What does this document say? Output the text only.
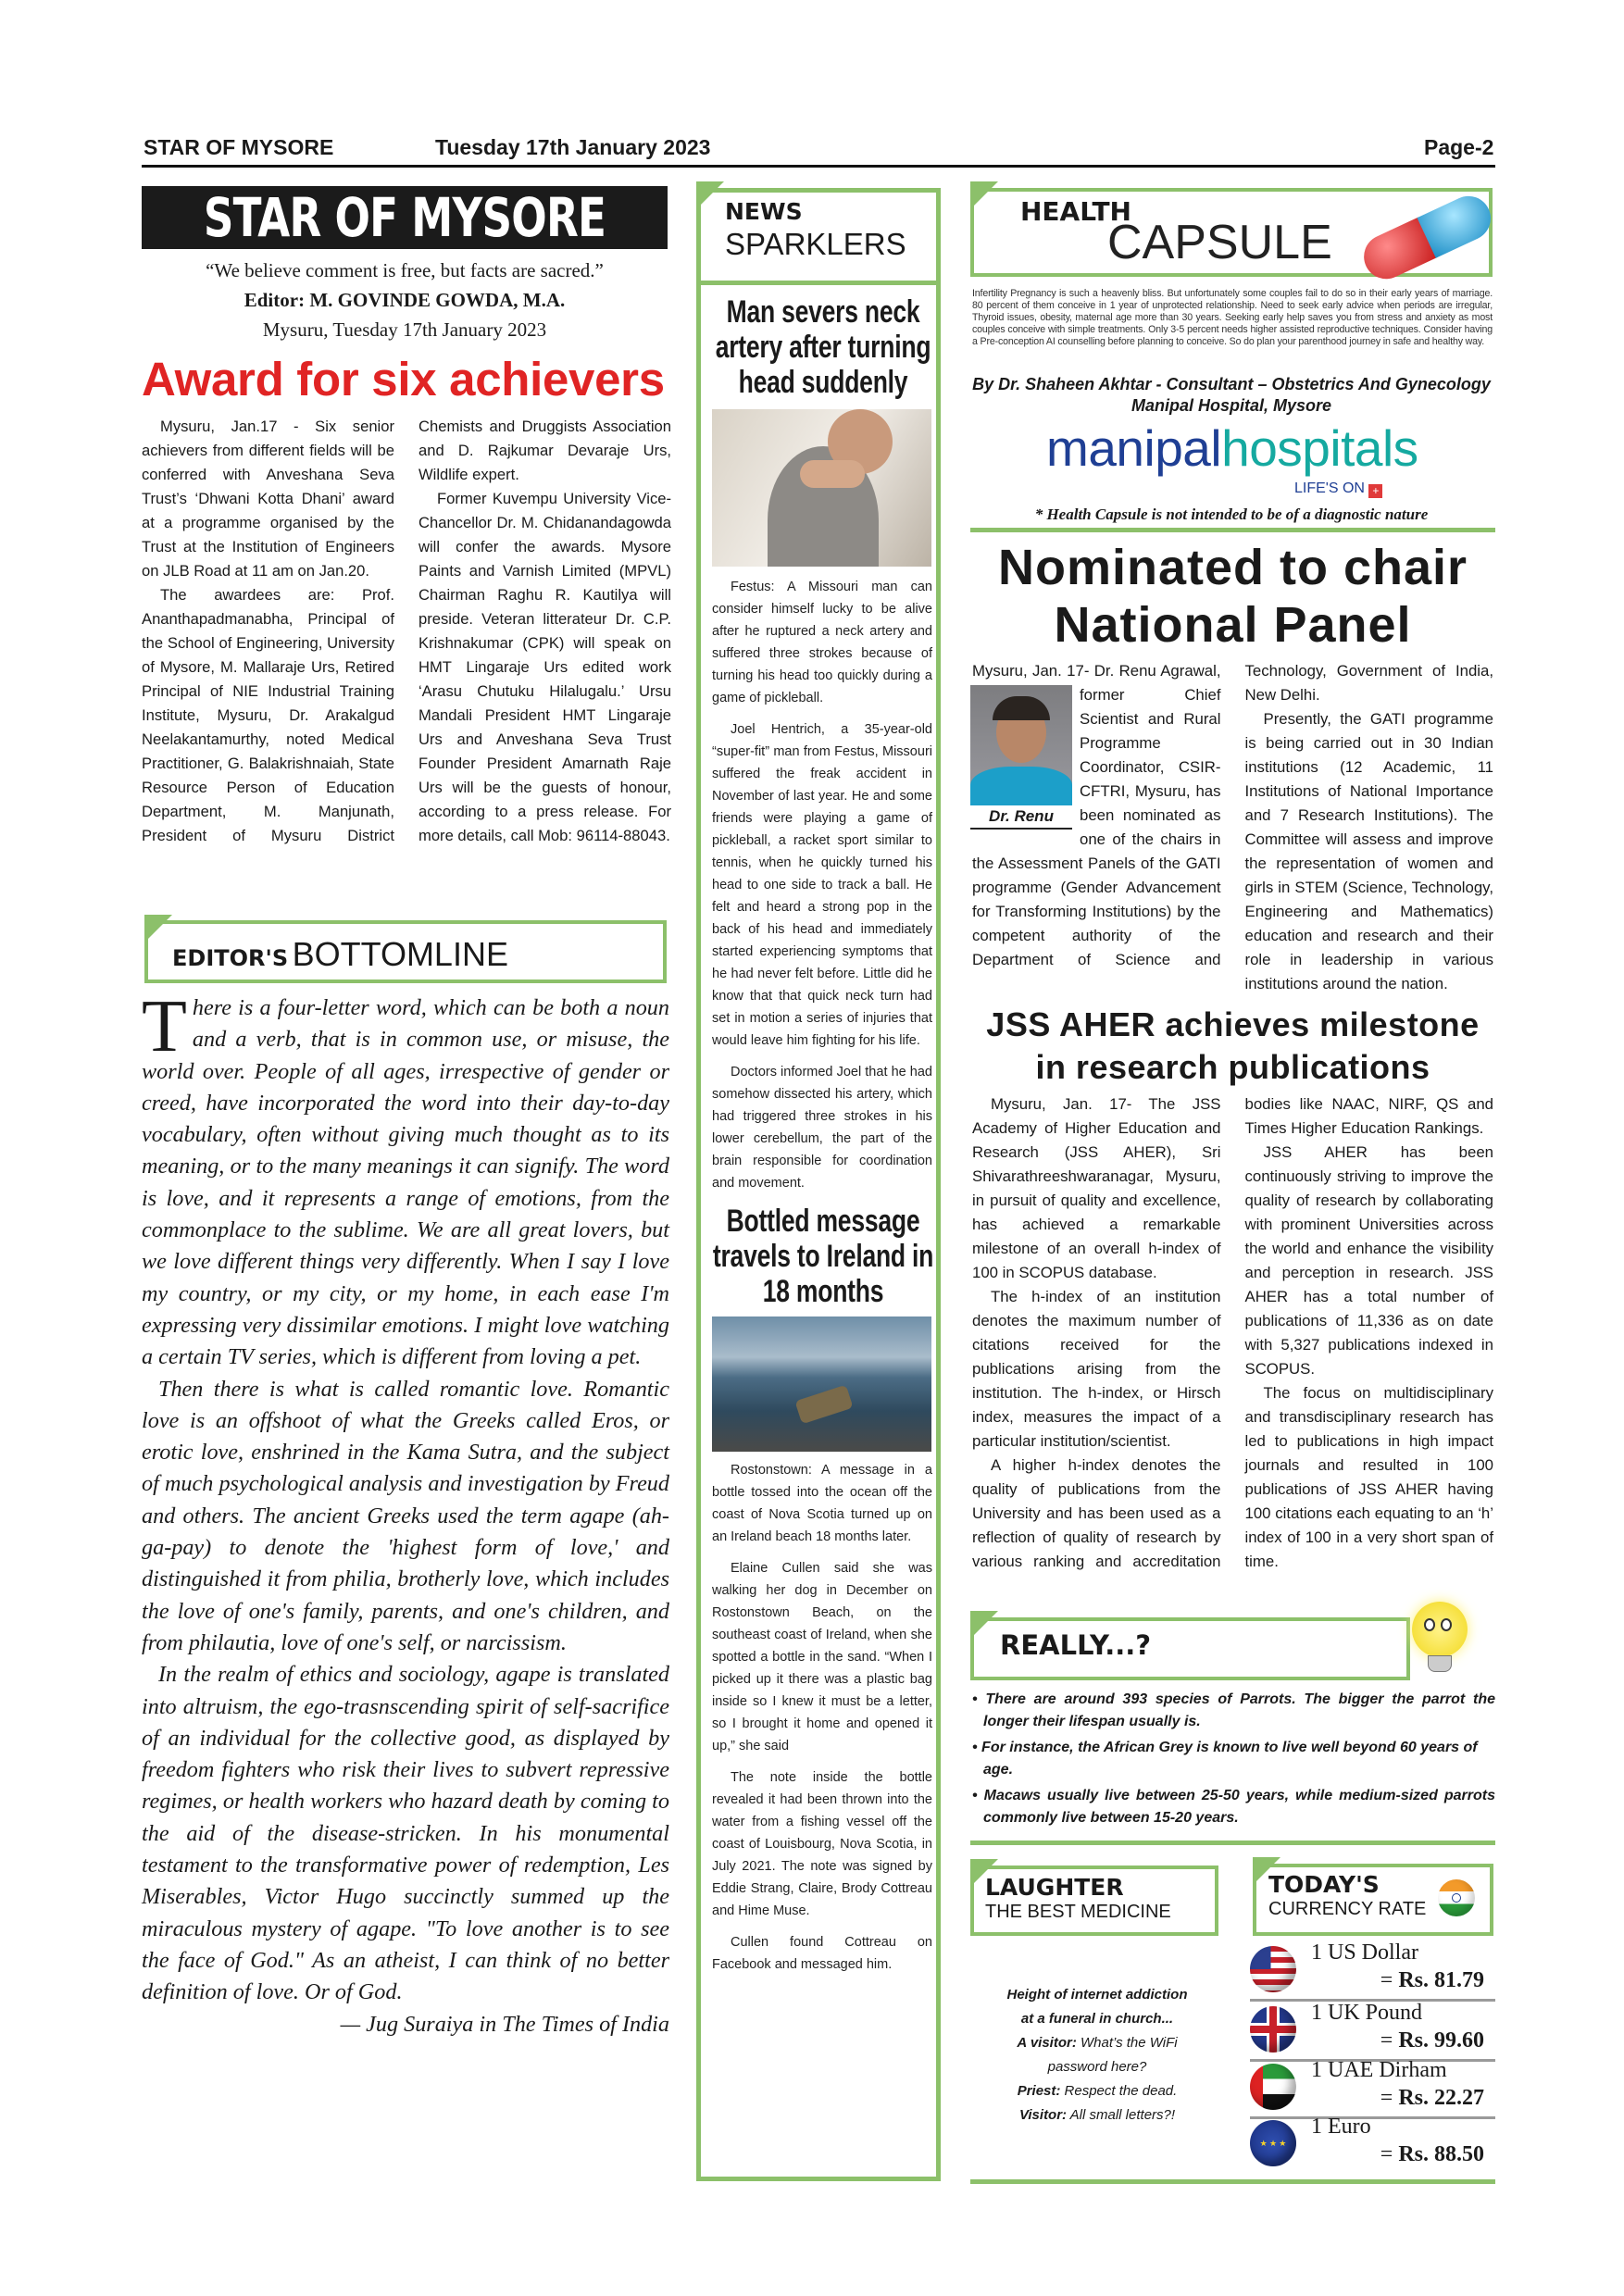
STAR OF MYSORE	Tuesday 17th January 2023	Page-2
STAR OF MYSORE
“We believe comment is free, but facts are sacred.”
Editor: M. GOVINDE GOWDA, M.A.
Mysuru, Tuesday 17th January 2023
Award for six achievers

Mysuru, Jan.17 - Six senior achievers from different fields will be conferred with Anveshana Seva Trust’s ‘Dhwani Kotta Dhani’ award at a programme organised by the Trust at the Institution of Engineers on JLB Road at 11 am on Jan.20.

The awardees are: Prof. Ananthapadmanabha, Principal of the School of Engineering, University of Mysore, M. Mallaraje Urs, Retired Principal of NIE Industrial Training Institute, Mysuru, Dr. Arakalgud Neelakantamurthy, noted Medical Practitioner, G. Balakrishnaiah, State Resource Person of Education Department, M. Manjunath, President of Mysuru District Chemists and Druggists Association and D. Rajkumar Devaraje Urs, Wildlife expert.

Former Kuvempu University Vice-Chancellor Dr. M. Chidanandagowda will confer the awards. Mysore Paints and Varnish Limited (MPVL) Chairman Raghu R. Kautilya will preside. Veteran litterateur Dr. C.P. Krishnakumar (CPK) will speak on HMT Lingaraje Urs edited work ‘Arasu Chutuku Hilalugalu.’ Ursu Mandali President HMT Lingaraje Urs and Anveshana Seva Trust Founder President Amarnath Raje Urs will be the guests of honour, according to a press release. For more details, call Mob: 96114-88043.

EDITOR'S BOTTOMLINE

There is a four-letter word, which can be both a noun and a verb, that is in common use, or misuse, the world over. People of all ages, irrespective of gender or creed, have incorporated the word into their day-to-day vocabulary, often without giving much thought as to its meaning, or to the many meanings it can signify. The word is love, and it represents a range of emotions, from the commonplace to the sublime. We are all great lovers, but we love different things very differently. When I say I love my country, or my city, or my home, in each ease I'm expressing very dissimilar emotions. I might love watching a certain TV series, which is different from loving a pet.

Then there is what is called romantic love. Romantic love is an offshoot of what the Greeks called Eros, or erotic love, enshrined in the Kama Sutra, and the subject of much psychological analysis and investigation by Freud and others. The ancient Greeks used the term agape (ah-ga-pay) to denote the 'highest form of love,' and distinguished it from philia, brotherly love, which includes the love of one's family, parents, and one's children, and from philautia, love of one's self, or narcissism.

In the realm of ethics and sociology, agape is translated into altruism, the ego-trasnscending spirit of self-sacrifice of an individual for the collective good, as displayed by freedom fighters who risk their lives to subvert repressive regimes, or health workers who hazard death by coming to the aid of the disease-stricken. In his monumental testament to the transformative power of redemption, Les Miserables, Victor Hugo succinctly summed up the miraculous mystery of agape. "To love another is to see the face of God." As an atheist, I can think of no better definition of love. Or of God.

— Jug Suraiya in The Times of India

NEWS
SPARKLERS
Man severs neck artery after turning head suddenly

Festus: A Missouri man can consider himself lucky to be alive after he ruptured a neck artery and suffered three strokes because of turning his head too quickly during a game of pickleball.

Joel Hentrich, a 35-year-old “super-fit” man from Festus, Missouri suffered the freak accident in November of last year. He and some friends were playing a game of pickleball, a racket sport similar to tennis, when he quickly turned his head to one side to track a ball. He felt and heard a strong pop in the back of his head and immediately started experiencing symptoms that he had never felt before. Little did he know that that quick neck turn had set in motion a series of injuries that would leave him fighting for his life.

Doctors informed Joel that he had somehow dissected his artery, which had triggered three strokes in his lower cerebellum, the part of the brain responsible for coordination and movement.

Bottled message travels to Ireland in 18 months

Rostonstown: A message in a bottle tossed into the ocean off the coast of Nova Scotia turned up on an Ireland beach 18 months later.

Elaine Cullen said she was walking her dog in December on Rostonstown Beach, on the southeast coast of Ireland, when she spotted a bottle in the sand. “When I picked up it there was a plastic bag inside so I knew it must be a letter, so I brought it home and opened it up,” she said

The note inside the bottle revealed it had been thrown into the water from a fishing vessel off the coast of Louisbourg, Nova Scotia, in July 2021. The note was signed by Eddie Strang, Claire, Brody Cottreau and Hime Muse.

Cullen found Cottreau on Facebook and messaged him.

HEALTH
CAPSULE
Infertility Pregnancy is such a heavenly bliss. But unfortunately some couples fail to do so in their early years of marriage. 80 percent of them conceive in 1 year of unprotected relationship. Need to seek early advice when periods are irregular, Thyroid issues, obesity, maternal age more than 30 years. Seeking early help saves you from stress and anxiety as most couples conceive with simple treatments. Only 3-5 percent needs higher assisted reproductive techniques. Consider having a Pre-conception AI counselling before planning to conceive. So do plan your parenthood journey in safe and healthy way.
By Dr. Shaheen Akhtar - Consultant – Obstetrics And Gynecology
Manipal Hospital, Mysore
manipalhospitals
LIFE'S ON +
* Health Capsule is not intended to be of a diagnostic nature
Nominated to chair National Panel
Dr. Renu

Mysuru, Jan. 17- Dr. Renu Agrawal, former Chief Scientist and Rural Programme Coordinator, CSIR-CFTRI, Mysuru, has been nominated as one of the chairs in the Assessment Panels of the GATI programme (Gender Advancement for Transforming Institutions) by the competent authority of the Department of Science and Technology, Government of India, New Delhi.

Presently, the GATI programme is being carried out in 30 Indian institutions (12 Academic, 11 Institutions of National Importance and 7 Research Institutions). The Committee will assess and improve the representation of women and girls in STEM (Science, Technology, Engineering and Mathematics) education and research and their role in leadership in various institutions around the nation.

JSS AHER achieves milestone in research publications

Mysuru, Jan. 17- The JSS Academy of Higher Education and Research (JSS AHER), Sri Shivarathreeshwaranagar, Mysuru, in pursuit of quality and excellence, has achieved a remarkable milestone of an overall h-index of 100 in SCOPUS database.

The h-index of an institution denotes the maximum number of citations received for the publications arising from the institution. The h-index, or Hirsch index, measures the impact of a particular institution/scientist.

A higher h-index denotes the quality of publications from the University and has been used as a reflection of quality of research by various ranking and accreditation bodies like NAAC, NIRF, QS and Times Higher Education Rankings.

JSS AHER has been continuously striving to improve the quality of research by collaborating with prominent Universities across the world and enhance the visibility and perception in research. JSS AHER has a total number of publications of 11,336 as on date with 5,327 publications indexed in SCOPUS.

The focus on multidisciplinary and transdisciplinary research has led to publications in high impact journals and resulted in 100 publications of JSS AHER having 100 citations each equating to an ‘h’ index of 100 in a very short span of time.

REALLY...?
• There are around 393 species of Parrots. The bigger the parrot the longer their lifespan usually is.
• For instance, the African Grey is known to live well beyond 60 years of age.
• Macaws usually live between 25-50 years, while medium-sized parrots commonly live between 15-20 years.
LAUGHTER
THE BEST MEDICINE
Height of internet addiction
at a funeral in church...
A visitor: What’s the WiFi
password here?
Priest: Respect the dead.
Visitor: All small letters?!
TODAY'S
CURRENCY RATE
1 US Dollar
= Rs. 81.79
1 UK Pound
= Rs. 99.60
1 UAE Dirham
= Rs. 22.27
★ ★ ★
1 Euro
= Rs. 88.50
